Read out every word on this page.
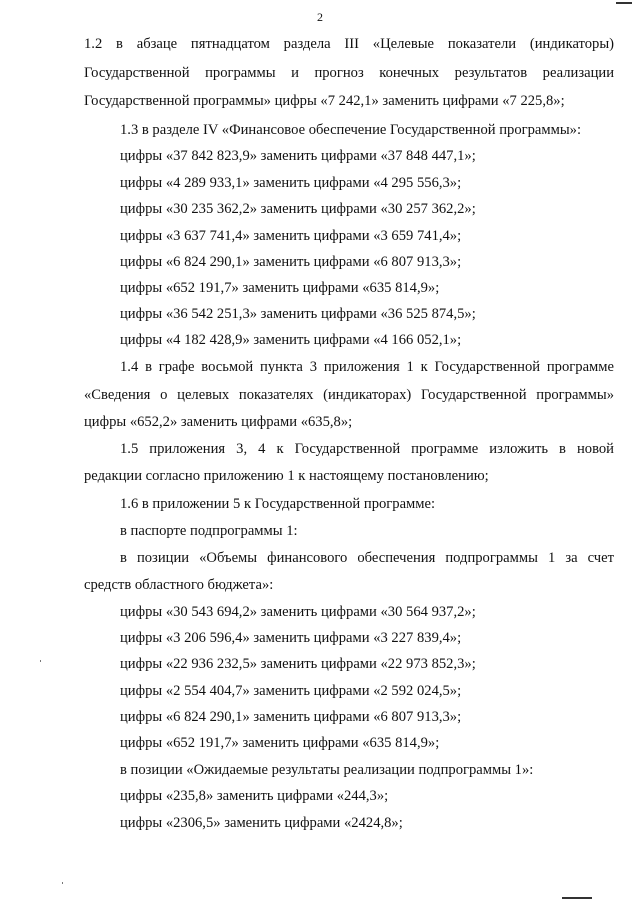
2
1.2 в абзаце пятнадцатом раздела III «Целевые показатели (индикаторы)
Государственной программы и прогноз конечных результатов реализации
Государственной программы» цифры «7 242,1» заменить цифрами «7 225,8»;
1.3 в разделе IV «Финансовое обеспечение Государственной программы»:
цифры «37 842 823,9» заменить цифрами «37 848 447,1»;
цифры «4 289 933,1» заменить цифрами «4 295 556,3»;
цифры «30 235 362,2» заменить цифрами «30 257 362,2»;
цифры «3 637 741,4» заменить цифрами «3 659 741,4»;
цифры «6 824 290,1» заменить цифрами «6 807 913,3»;
цифры «652 191,7» заменить цифрами «635 814,9»;
цифры «36 542 251,3» заменить цифрами «36 525 874,5»;
цифры «4 182 428,9» заменить цифрами «4 166 052,1»;
1.4 в графе восьмой пункта 3 приложения 1 к Государственной программе
«Сведения о целевых показателях (индикаторах) Государственной программы»
цифры «652,2» заменить цифрами «635,8»;
1.5 приложения 3, 4 к Государственной программе изложить в новой
редакции согласно приложению 1 к настоящему постановлению;
1.6 в приложении 5 к Государственной программе:
в паспорте подпрограммы 1:
в позиции «Объемы финансового обеспечения подпрограммы 1 за счет
средств областного бюджета»:
цифры «30 543 694,2» заменить цифрами «30 564 937,2»;
цифры «3 206 596,4» заменить цифрами «3 227 839,4»;
цифры «22 936 232,5» заменить цифрами «22 973 852,3»;
цифры «2 554 404,7» заменить цифрами «2 592 024,5»;
цифры «6 824 290,1» заменить цифрами «6 807 913,3»;
цифры «652 191,7» заменить цифрами «635 814,9»;
в позиции «Ожидаемые результаты реализации подпрограммы 1»:
цифры «235,8» заменить цифрами «244,3»;
цифры «2306,5» заменить цифрами «2424,8»;
